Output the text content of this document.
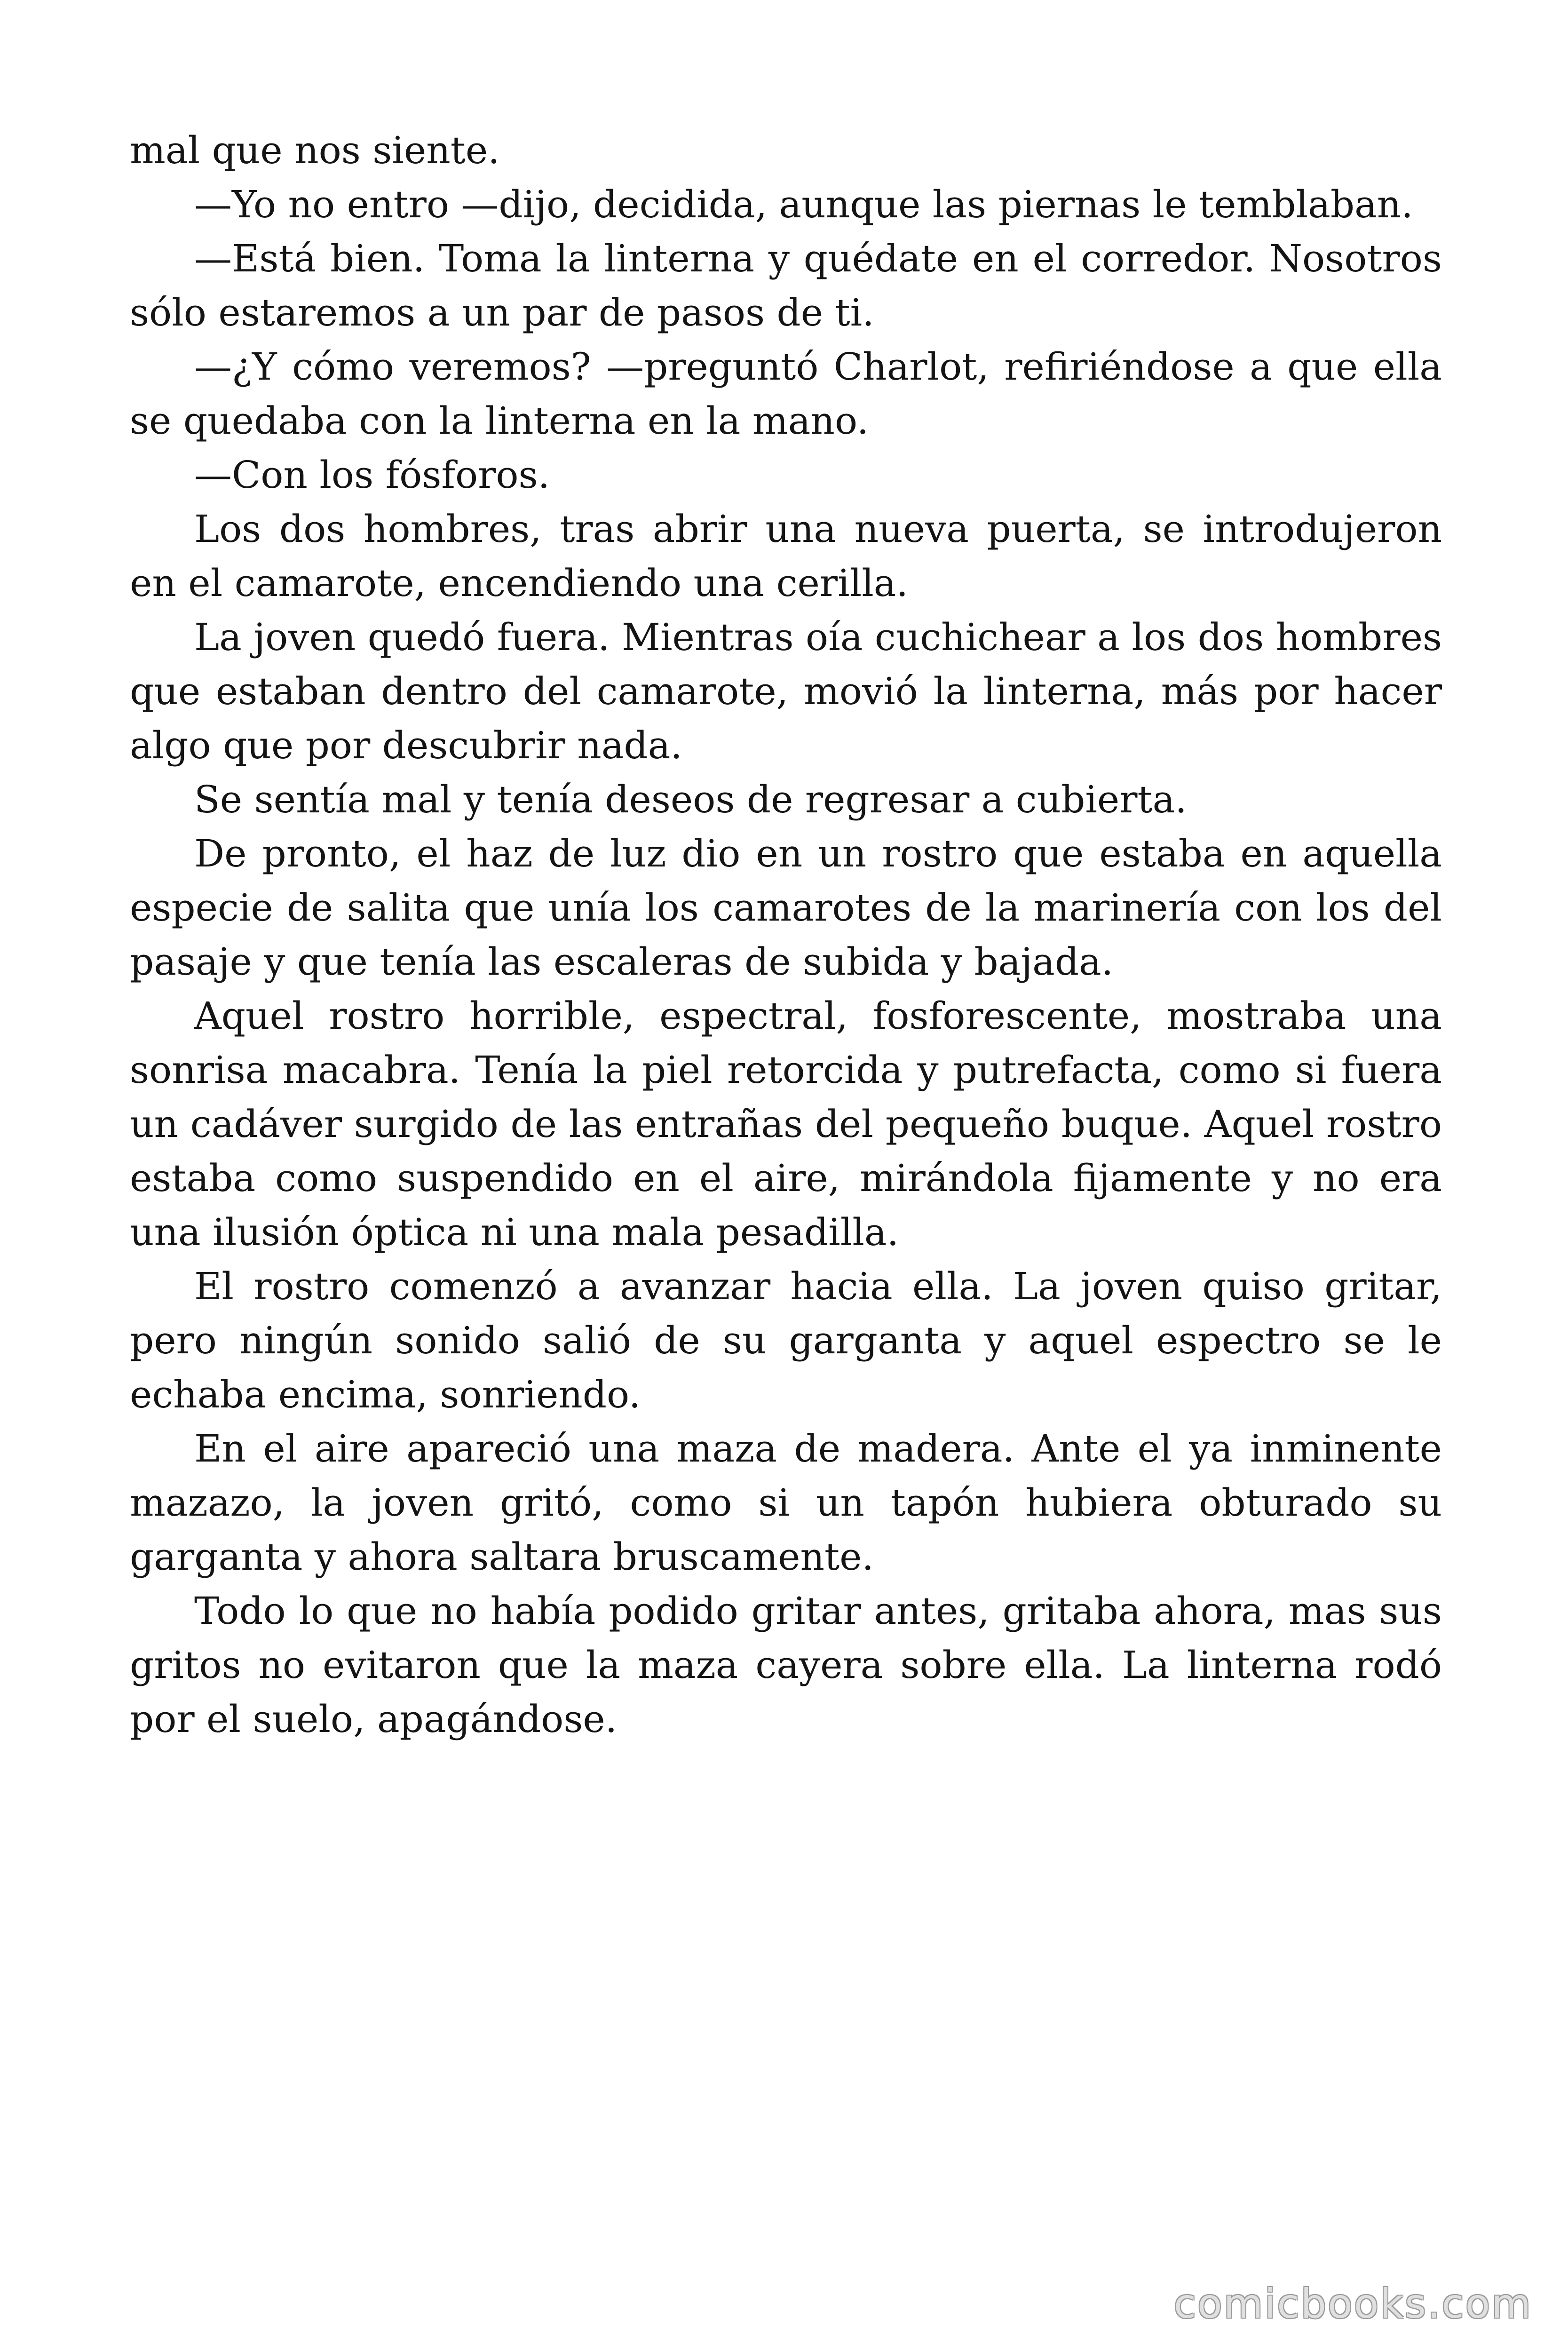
mal que nos siente.

—Yo no entro —dijo, decidida, aunque las piernas le temblaban.

—Está bien. Toma la linterna y quédate en el corredor. Nosotros sólo estaremos a un par de pasos de ti.

—¿Y cómo veremos? —preguntó Charlot, refiriéndose a que ella se quedaba con la linterna en la mano.

—Con los fósforos.

Los dos hombres, tras abrir una nueva puerta, se introdujeron en el camarote, encendiendo una cerilla.

La joven quedó fuera. Mientras oía cuchichear a los dos hombres que estaban dentro del camarote, movió la linterna, más por hacer algo que por descubrir nada.

Se sentía mal y tenía deseos de regresar a cubierta.

De pronto, el haz de luz dio en un rostro que estaba en aquella especie de salita que unía los camarotes de la marinería con los del pasaje y que tenía las escaleras de subida y bajada.

Aquel rostro horrible, espectral, fosforescente, mostraba una sonrisa macabra. Tenía la piel retorcida y putrefacta, como si fuera un cadáver surgido de las entrañas del pequeño buque. Aquel rostro estaba como suspendido en el aire, mirándola fijamente y no era una ilusión óptica ni una mala pesadilla.

El rostro comenzó a avanzar hacia ella. La joven quiso gritar, pero ningún sonido salió de su garganta y aquel espectro se le echaba encima, sonriendo.

En el aire apareció una maza de madera. Ante el ya inminente mazazo, la joven gritó, como si un tapón hubiera obturado su garganta y ahora saltara bruscamente.

Todo lo que no había podido gritar antes, gritaba ahora, mas sus gritos no evitaron que la maza cayera sobre ella. La linterna rodó por el suelo, apagándose.

comicbooks.com
